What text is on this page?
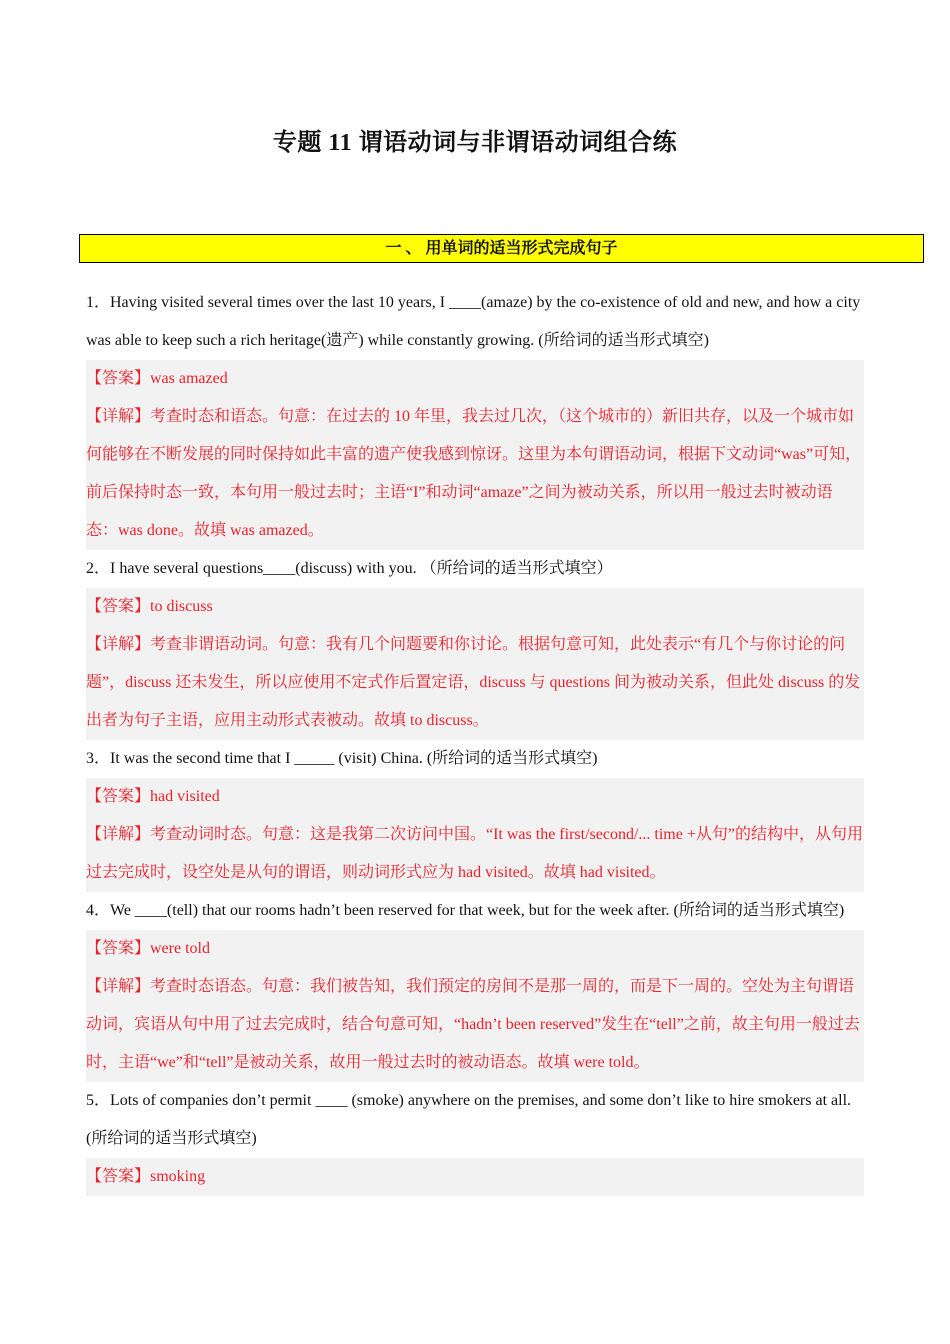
专题 11 谓语动词与非谓语动词组合练
一 、 用单词的适当形式完成句子

1．Having visited several times over the last 10 years, I ____(amaze) by the co-existence of old and new, and how a city was able to keep such a rich heritage(遗产) while constantly growing. (所给词的适当形式填空)

【答案】was amazed

【详解】考查时态和语态。句意：在过去的 10 年里，我去过几次，（这个城市的）新旧共存，以及一个城市如何能够在不断发展的同时保持如此丰富的遗产使我感到惊讶。这里为本句谓语动词，根据下文动词“was”可知，前后保持时态一致，本句用一般过去时；主语“I”和动词“amaze”之间为被动关系，所以用一般过去时被动语态：was done。故填 was amazed。

2．I have several questions____(discuss) with you. （所给词的适当形式填空）

【答案】to discuss

【详解】考查非谓语动词。句意：我有几个问题要和你讨论。根据句意可知，此处表示“有几个与你讨论的问题”，discuss 还未发生，所以应使用不定式作后置定语，discuss 与 questions 间为被动关系，但此处 discuss 的发出者为句子主语，应用主动形式表被动。故填 to discuss。

3．It was the second time that I _____ (visit) China. (所给词的适当形式填空)

【答案】had visited

【详解】考查动词时态。句意：这是我第二次访问中国。“It was the first/second/... time +从句”的结构中，从句用过去完成时，设空处是从句的谓语，则动词形式应为 had visited。故填 had visited。

4．We ____(tell) that our rooms hadn’t been reserved for that week, but for the week after. (所给词的适当形式填空)

【答案】were told

【详解】考查时态语态。句意：我们被告知，我们预定的房间不是那一周的，而是下一周的。空处为主句谓语动词，宾语从句中用了过去完成时，结合句意可知，“hadn’t been reserved”发生在“tell”之前，故主句用一般过去时，主语“we”和“tell”是被动关系，故用一般过去时的被动语态。故填 were told。

5．Lots of companies don’t permit ____ (smoke) anywhere on the premises, and some don’t like to hire smokers at all. (所给词的适当形式填空)

【答案】smoking
